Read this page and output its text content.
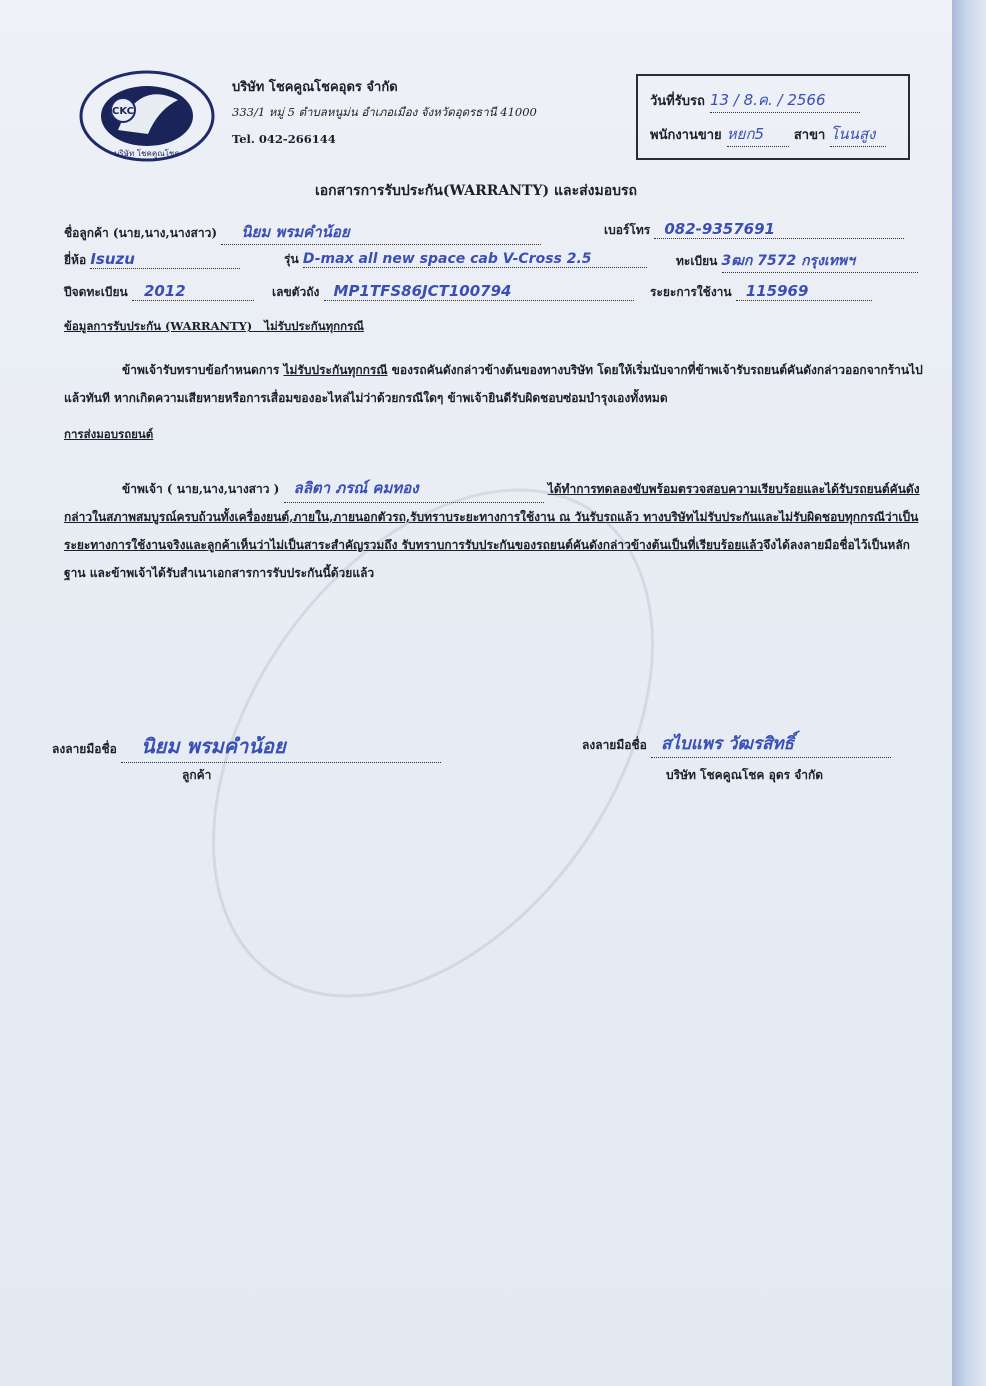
CKC
บริษัท โชคคูณโชค
บริษัท โชคคูณโชคอุดร จำกัด
333/1 หมู่ 5 ตำบลหนูม่น อำเภอเมือง จังหวัดอุดรธานี 41000
Tel. 042-266144
วันที่รับรถ 13 / 8.ค. / 2566
พนักงานขาย หยก5 สาขา โนนสูง
เอกสารการรับประกัน(WARRANTY) และส่งมอบรถ
ชื่อลูกค้า (นาย,นาง,นางสาว) นิยม พรมคำน้อย	เบอร์โทร 082-9357691
ยี่ห้อ Isuzu	รุ่น D-max all new space cab V-Cross 2.5	ทะเบียน 3ฒก 7572 กรุงเทพฯ
ปีจดทะเบียน 2012	เลขตัวถัง MP1TFS86JCT100794	ระยะการใช้งาน 115969
ข้อมูลการรับประกัน (WARRANTY) ไม่รับประกันทุกกรณี
ข้าพเจ้ารับทราบข้อกำหนดการ ไม่รับประกันทุกกรณี ของรถคันดังกล่าวข้างต้นของทางบริษัท โดยให้เริ่มนับจากที่ข้าพเจ้ารับรถยนต์คันดังกล่าวออกจากร้านไปแล้วทันที หากเกิดความเสียหายหรือการเสื่อมของอะไหล่ไม่ว่าด้วยกรณีใดๆ ข้าพเจ้ายินดีรับผิดชอบซ่อมบำรุงเองทั้งหมด
การส่งมอบรถยนต์
ข้าพเจ้า ( นาย,นาง,นางสาว ) ลลิตา ภรณ์ คมทอง	ได้ทำการทดลองขับพร้อมตรวจสอบความเรียบร้อยและได้รับรถยนต์คันดังกล่าวในสภาพสมบูรณ์ครบถ้วนทั้งเครื่องยนต์,ภายใน,ภายนอกตัวรถ,รับทราบระยะทางการใช้งาน ณ วันรับรถแล้ว ทางบริษัทไม่รับประกันและไม่รับผิดชอบทุกกรณีว่าเป็นระยะทางการใช้งานจริงและลูกค้าเห็นว่าไม่เป็นสาระสำคัญรวมถึง รับทราบการรับประกันของรถยนต์คันดังกล่าวข้างต้นเป็นที่เรียบร้อยแล้วจึงได้ลงลายมือชื่อไว้เป็นหลักฐาน และข้าพเจ้าได้รับสำเนาเอกสารการรับประกันนี้ด้วยแล้ว
ลงลายมือชื่อ นิยม พรมคำน้อย
ลูกค้า
ลงลายมือชื่อ สไบแพร วัฒรสิทธิ์
บริษัท โชคคูณโชค อุดร จำกัด
